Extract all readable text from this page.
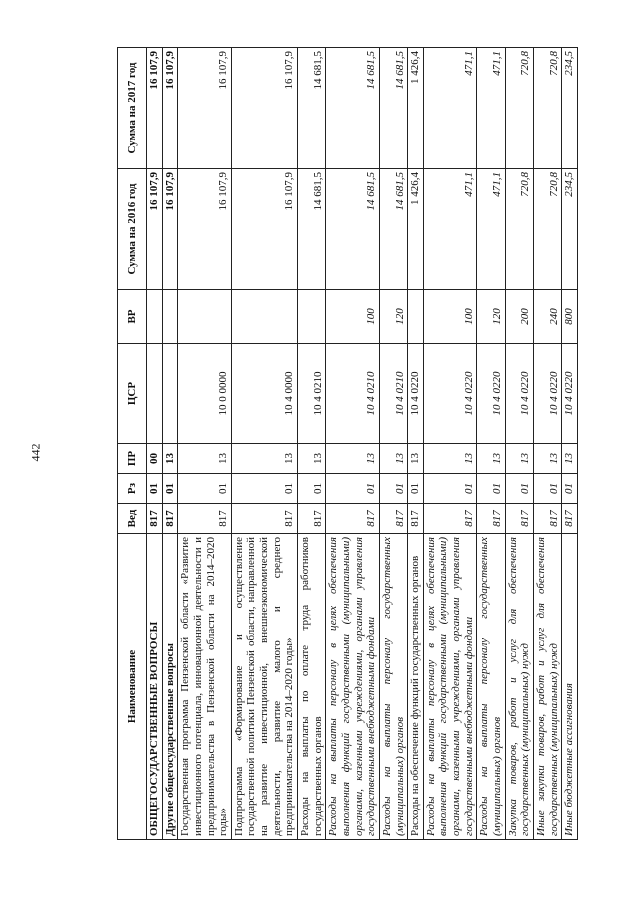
442
Наименование	Вед	Рз	ПР	ЦСР	ВР	Сумма на 2016 год	Сумма на 2017 год
ОБЩЕГОСУДАРСТВЕННЫЕ ВОПРОСЫ	817	01	00			16 107,9	16 107,9
Другие общегосударственные вопросы	817	01	13			16 107,9	16 107,9
Государственная программа Пензенской области «Развитие инвестиционного потенциала, инновационной деятельности и предпринимательства в Пензенской области на 2014–2020 годы»	817	01	13	10 0 0000		16 107,9	16 107,9
Подпрограмма «Формирование и осуществление государственной политики Пензенской области, направленной на развитие инвестиционной, внешнеэкономической деятельности, развитие малого и среднего предпринимательства на 2014–2020 годы»	817	01	13	10 4 0000		16 107,9	16 107,9
Расходы на выплаты по оплате труда работников государственных органов	817	01	13	10 4 0210		14 681,5	14 681,5
Расходы на выплаты персоналу в целях обеспечения выполнения функций государственными (муниципальными) органами, казенными учреждениями, органами управления государственными внебюджетными фондами	817	01	13	10 4 0210	100	14 681,5	14 681,5
Расходы на выплаты персоналу государственных (муниципальных) органов	817	01	13	10 4 0210	120	14 681,5	14 681,5
Расходы на обеспечение функций государственных органов	817	01	13	10 4 0220		1 426,4	1 426,4
Расходы на выплаты персоналу в целях обеспечения выполнения функций государственными (муниципальными) органами, казенными учреждениями, органами управления государственными внебюджетными фондами	817	01	13	10 4 0220	100	471,1	471,1
Расходы на выплаты персоналу государственных (муниципальных) органов	817	01	13	10 4 0220	120	471,1	471,1
Закупка товаров, работ и услуг для обеспечения государственных (муниципальных) нужд	817	01	13	10 4 0220	200	720,8	720,8
Иные закупки товаров, работ и услуг для обеспечения государственных (муниципальных) нужд	817	01	13	10 4 0220	240	720,8	720,8
Иные бюджетные ассигнования	817	01	13	10 4 0220	800	234,5	234,5
